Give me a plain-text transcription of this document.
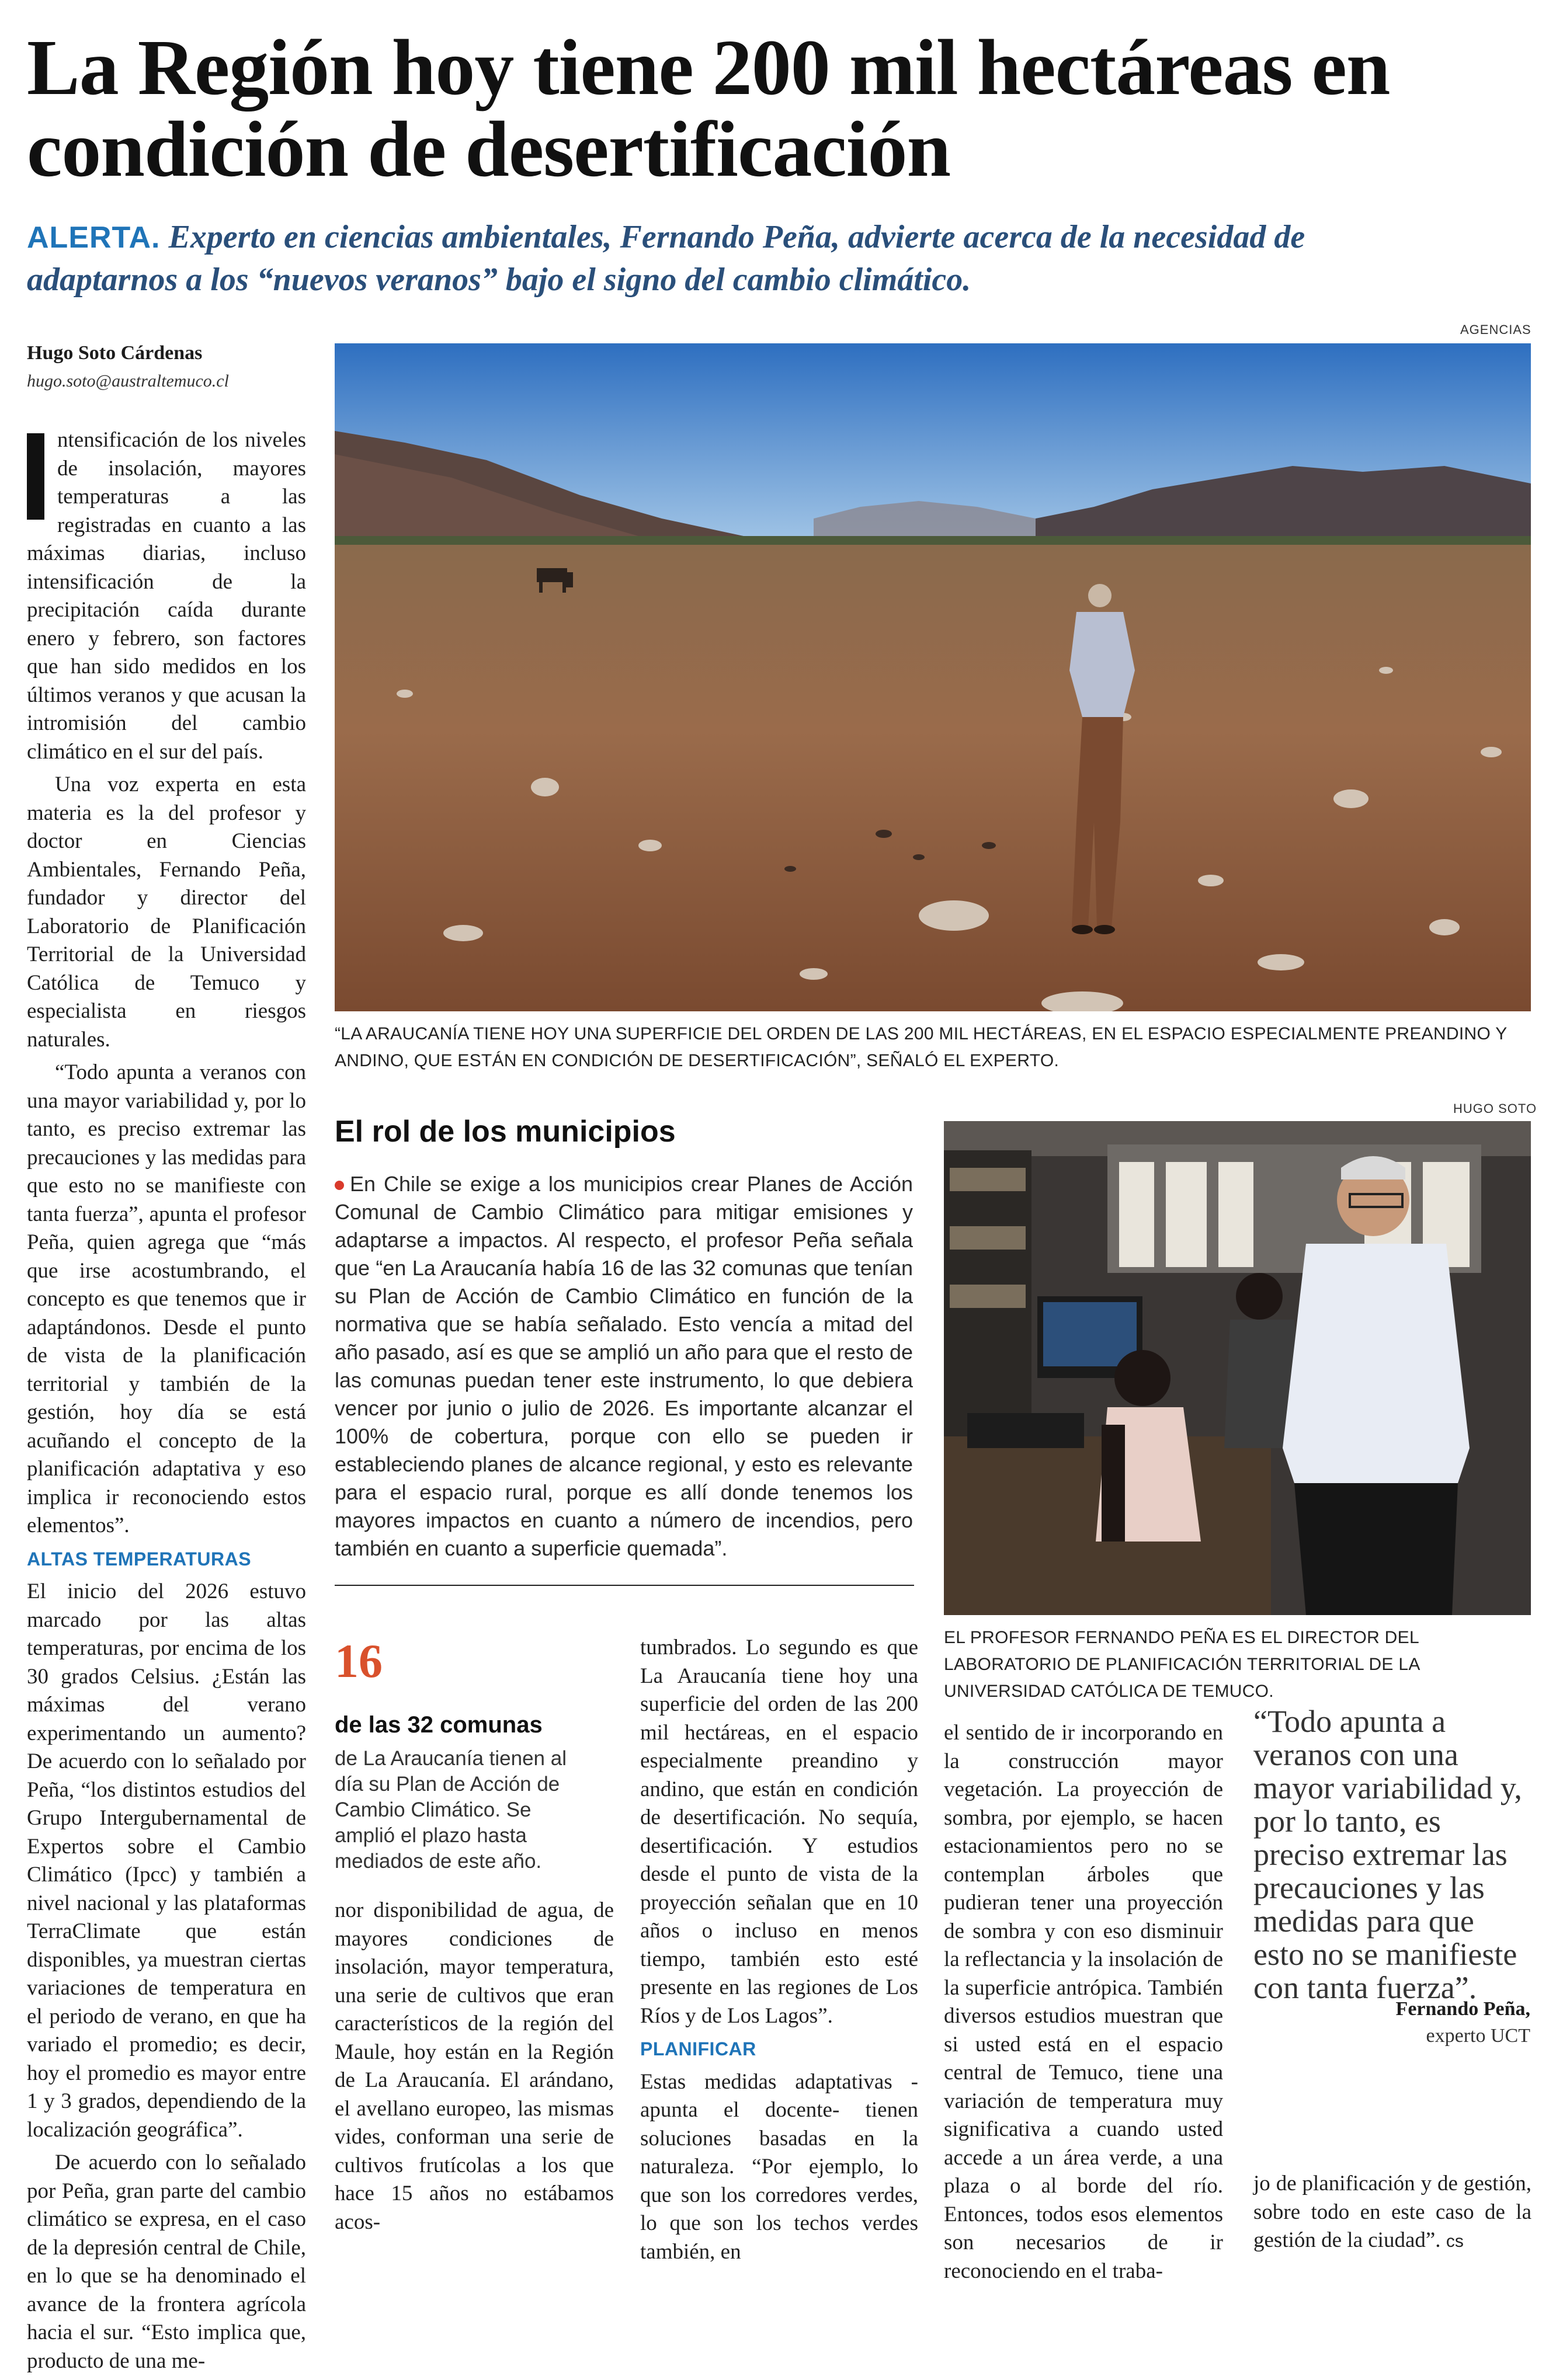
La Región hoy tiene 200 mil hectáreas en condición de desertificación
ALERTA. Experto en ciencias ambientales, Fernando Peña, advierte acerca de la necesidad de adaptarnos a los “nuevos veranos” bajo el signo del cambio climático.
Hugo Soto Cárdenas
hugo.soto@australtemuco.cl
AGENCIAS
“LA ARAUCANÍA TIENE HOY UNA SUPERFICIE DEL ORDEN DE LAS 200 MIL HECTÁREAS, EN EL ESPACIO ESPECIALMENTE PREANDINO Y ANDINO, QUE ESTÁN EN CONDICIÓN DE DESERTIFICACIÓN”, SEÑALÓ EL EXPERTO.

ntensificación de los niveles de insolación, mayores temperaturas a las registradas en cuanto a las máximas diarias, incluso intensificación de la precipitación caída durante enero y febrero, son factores que han sido medidos en los últimos veranos y que acusan la intromisión del cambio climático en el sur del país.

Una voz experta en esta materia es la del profesor y doctor en Ciencias Ambientales, Fernando Peña, fundador y director del Laboratorio de Planificación Territorial de la Universidad Católica de Temuco y especialista en riesgos naturales.

“Todo apunta a veranos con una mayor variabilidad y, por lo tanto, es preciso extremar las precauciones y las medidas para que esto no se manifieste con tanta fuerza”, apunta el profesor Peña, quien agrega que “más que irse acostumbrando, el concepto es que tenemos que ir adaptándonos. Desde el punto de vista de la planificación territorial y también de la gestión, hoy día se está acuñando el concepto de la planificación adaptativa y eso implica ir reconociendo estos elementos”.

ALTAS TEMPERATURAS

El inicio del 2026 estuvo marcado por las altas temperaturas, por encima de los 30 grados Celsius. ¿Están las máximas del verano experimentando un aumento? De acuerdo con lo señalado por Peña, “los distintos estudios del Grupo Intergubernamental de Expertos sobre el Cambio Climático (Ipcc) y también a nivel nacional y las plataformas TerraClimate que están disponibles, ya muestran ciertas variaciones de temperatura en el periodo de verano, en que ha variado el promedio; es decir, hoy el promedio es mayor entre 1 y 3 grados, dependiendo de la localización geográfica”.

De acuerdo con lo señalado por Peña, gran parte del cambio climático se expresa, en el caso de la depresión central de Chile, en lo que se ha denominado el avance de la frontera agrícola hacia el sur. “Esto implica que, producto de una me-

El rol de los municipios
En Chile se exige a los municipios crear Planes de Acción Comunal de Cambio Climático para mitigar emisiones y adaptarse a impactos. Al respecto, el profesor Peña señala que “en La Araucanía había 16 de las 32 comunas que tenían su Plan de Acción de Cambio Climático en función de la normativa que se había señalado. Esto vencía a mitad del año pasado, así es que se amplió un año para que el resto de las comunas puedan tener este instrumento, lo que debiera vencer por junio o julio de 2026. Es importante alcanzar el 100% de cobertura, porque con ello se pueden ir estableciendo planes de alcance regional, y esto es relevante para el espacio rural, porque es allí donde tenemos los mayores impactos en cuanto a número de incendios, pero también en cuanto a superficie quemada”.
HUGO SOTO
EL PROFESOR FERNANDO PEÑA ES EL DIRECTOR DEL LABORATORIO DE PLANIFICACIÓN TERRITORIAL DE LA UNIVERSIDAD CATÓLICA DE TEMUCO.
16
de las 32 comunas
de La Araucanía tienen al día su Plan de Acción de Cambio Climático. Se amplió el plazo hasta mediados de este año.

nor disponibilidad de agua, de mayores condiciones de insolación, mayor temperatura, una serie de cultivos que eran característicos de la región del Maule, hoy están en la Región de La Araucanía. El arándano, el avellano europeo, las mismas vides, conforman una serie de cultivos frutícolas a los que hace 15 años no estábamos acos-

tumbrados. Lo segundo es que La Araucanía tiene hoy una superficie del orden de las 200 mil hectáreas, en el espacio especialmente preandino y andino, que están en condición de desertificación. No sequía, desertificación. Y estudios desde el punto de vista de la proyección señalan que en 10 años o incluso en menos tiempo, también esto esté presente en las regiones de Los Ríos y de Los Lagos”.

PLANIFICAR

Estas medidas adaptativas -apunta el docente- tienen soluciones basadas en la naturaleza. “Por ejemplo, lo que son los corredores verdes, lo que son los techos verdes también, en

el sentido de ir incorporando en la construcción mayor vegetación. La proyección de sombra, por ejemplo, se hacen estacionamientos pero no se contemplan árboles que pudieran tener una proyección de sombra y con eso disminuir la reflectancia y la insolación de la superficie antrópica. También diversos estudios muestran que si usted está en el espacio central de Temuco, tiene una variación de temperatura muy significativa a cuando usted accede a un área verde, a una plaza o al borde del río. Entonces, todos esos elementos son necesarios de ir reconociendo en el traba-

“Todo apunta a veranos con una mayor variabilidad y, por lo tanto, es preciso extremar las precauciones y las medidas para que esto no se manifieste con tanta fuerza”.
Fernando Peña,
experto UCT

jo de planificación y de gestión, sobre todo en este caso de la gestión de la ciudad”. cs
